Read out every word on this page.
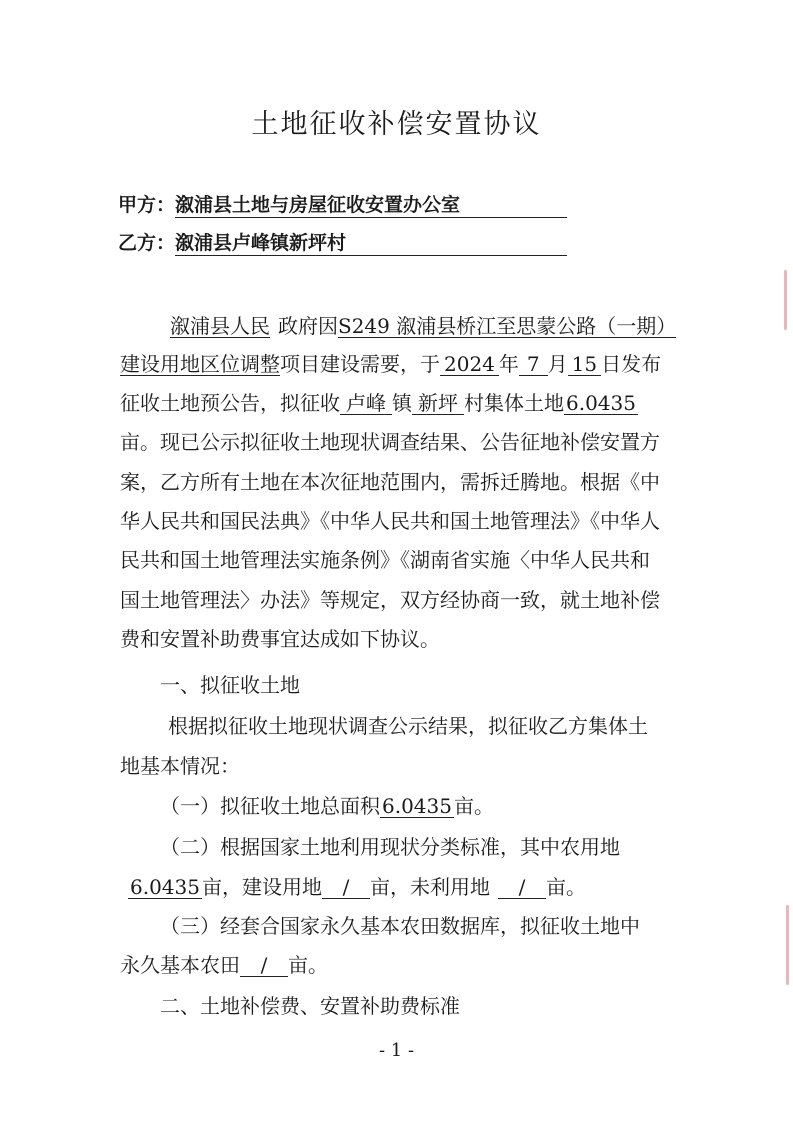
土地征收补偿安置协议
甲方：溆浦县土地与房屋征收安置办公室
乙方：溆浦县卢峰镇新坪村
溆浦县人民 政府因S249 溆浦县桥江至思蒙公路（一期）
建设用地区位调整项目建设需要，于 2024 年 7 月 15 日发布
征收土地预公告，拟征收 卢峰 镇 新坪 村集体土地 6.0435
亩。现已公示拟征收土地现状调查结果、公告征地补偿安置方
案，乙方所有土地在本次征地范围内，需拆迁腾地。根据《中
华人民共和国民法典》《中华人民共和国土地管理法》《中华人
民共和国土地管理法实施条例》《湖南省实施〈中华人民共和
国土地管理法〉办法》等规定，双方经协商一致，就土地补偿
费和安置补助费事宜达成如下协议。
一、拟征收土地
根据拟征收土地现状调查公示结果，拟征收乙方集体土
地基本情况：
（一）拟征收土地总面积 6.0435 亩。
（二）根据国家土地利用现状分类标准，其中农用地
6.0435 亩，建设用地 / 亩，未利用地 / 亩。
（三）经套合国家永久基本农田数据库，拟征收土地中
永久基本农田 / 亩。
二、土地补偿费、安置补助费标准
- 1 -
